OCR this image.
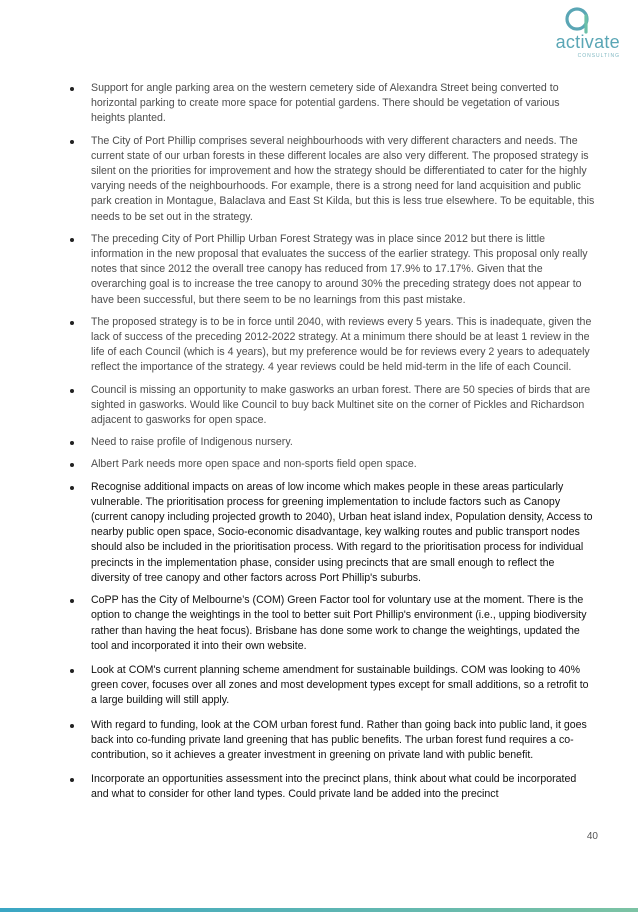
activate
CONSULTING
Support for angle parking area on the western cemetery side of Alexandra Street being converted to horizontal parking to create more space for potential gardens. There should be vegetation of various heights planted.
The City of Port Phillip comprises several neighbourhoods with very different characters and needs. The current state of our urban forests in these different locales are also very different. The proposed strategy is silent on the priorities for improvement and how the strategy should be differentiated to cater for the highly varying needs of the neighbourhoods. For example, there is a strong need for land acquisition and public park creation in Montague, Balaclava and East St Kilda, but this is less true elsewhere. To be equitable, this needs to be set out in the strategy.
The preceding City of Port Phillip Urban Forest Strategy was in place since 2012 but there is little information in the new proposal that evaluates the success of the earlier strategy. This proposal only really notes that since 2012 the overall tree canopy has reduced from 17.9% to 17.17%. Given that the overarching goal is to increase the tree canopy to around 30% the preceding strategy does not appear to have been successful, but there seem to be no learnings from this past mistake.
The proposed strategy is to be in force until 2040, with reviews every 5 years. This is inadequate, given the lack of success of the preceding 2012-2022 strategy. At a minimum there should be at least 1 review in the life of each Council (which is 4 years), but my preference would be for reviews every 2 years to adequately reflect the importance of the strategy. 4 year reviews could be held mid-term in the life of each Council.
Council is missing an opportunity to make gasworks an urban forest. There are 50 species of birds that are sighted in gasworks. Would like Council to buy back Multinet site on the corner of Pickles and Richardson adjacent to gasworks for open space.
Need to raise profile of Indigenous nursery.
Albert Park needs more open space and non-sports field open space.
Recognise additional impacts on areas of low income which makes people in these areas particularly vulnerable. The prioritisation process for greening implementation to include factors such as Canopy (current canopy including projected growth to 2040), Urban heat island index, Population density, Access to nearby public open space, Socio-economic disadvantage, key walking routes and public transport nodes should also be included in the prioritisation process. With regard to the prioritisation process for individual precincts in the implementation phase, consider using precincts that are small enough to reflect the diversity of tree canopy and other factors across Port Phillip's suburbs.
CoPP has the City of Melbourne’s (COM) Green Factor tool for voluntary use at the moment. There is the option to change the weightings in the tool to better suit Port Phillip's environment (i.e., upping biodiversity rather than having the heat focus). Brisbane has done some work to change the weightings, updated the tool and incorporated it into their own website.
Look at COM's current planning scheme amendment for sustainable buildings. COM was looking to 40% green cover, focuses over all zones and most development types except for small additions, so a retrofit to a large building will still apply.
With regard to funding, look at the COM urban forest fund. Rather than going back into public land, it goes back into co-funding private land greening that has public benefits. The urban forest fund requires a co-contribution, so it achieves a greater investment in greening on private land with public benefit.
Incorporate an opportunities assessment into the precinct plans, think about what could be incorporated and what to consider for other land types. Could private land be added into the precinct
40
